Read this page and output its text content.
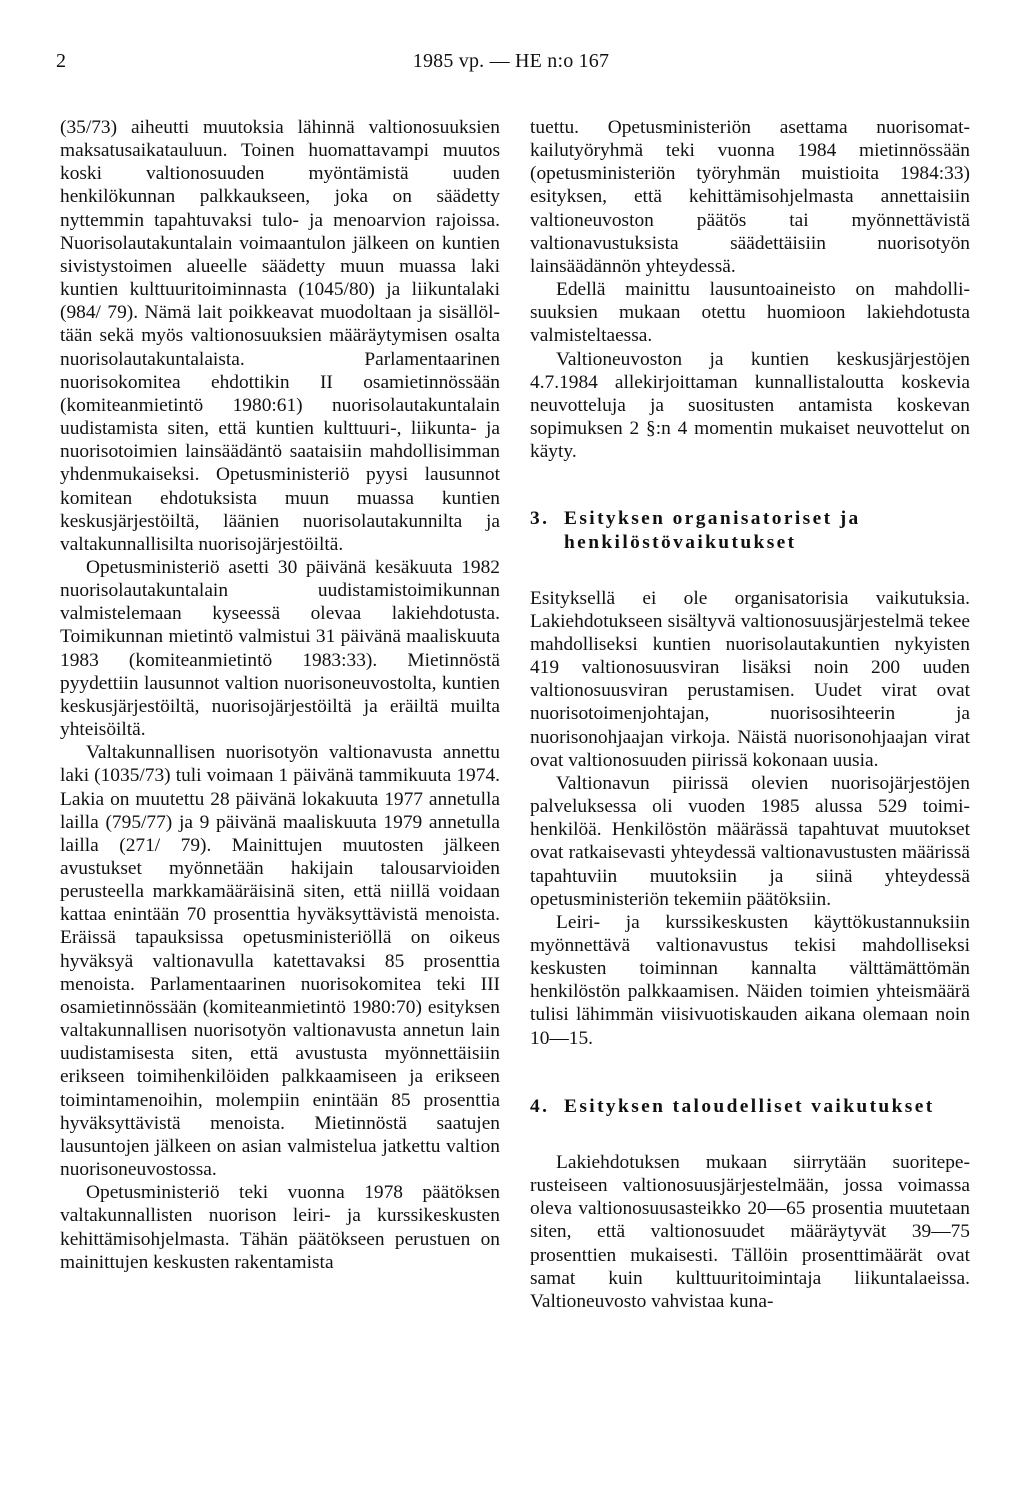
2	1985 vp. — HE n:o 167

(35/73) aiheutti muutoksia lähinnä valtionosuuksien maksatusaikatauluun. Toinen huomattavampi muutos koski valtionosuuden myöntämistä uuden henkilökunnan palkkaukseen, joka on säädetty nyttemmin tapahtuvaksi tulo- ja menoarvion rajoissa. Nuorisolautakuntalain voimaantulon jälkeen on kuntien sivistystoimen alueelle säädetty muun muassa laki kuntien kulttuuritoiminnasta (1045/80) ja liikuntalaki (984/ 79). Nämä lait poikkeavat muodoltaan ja sisällöltään sekä myös valtionosuuksien määräytymisen osalta nuorisolautakuntalaista. Parlamentaarinen nuorisokomitea ehdottikin II osamietinnössään (komiteanmietintö 1980:61) nuorisolautakuntalain uudistamista siten, että kuntien kulttuuri-, liikunta- ja nuorisotoimien lainsäädäntö saataisiin mahdollisimman yhdenmukaiseksi. Opetusministeriö pyysi lausunnot komitean ehdotuksista muun muassa kuntien keskusjärjestöiltä, läänien nuorisolautakunnilta ja valtakunnallisilta nuorisojärjestöiltä.

Opetusministeriö asetti 30 päivänä kesäkuuta 1982 nuorisolautakuntalain uudistamistoimikunnan valmistelemaan kyseessä olevaa lakiehdotusta. Toimikunnan mietintö valmistui 31 päivänä maaliskuuta 1983 (komiteanmietintö 1983:33). Mietinnöstä pyydettiin lausunnot valtion nuorisoneuvostolta, kuntien keskusjärjestöiltä, nuorisojärjestöiltä ja eräiltä muilta yhteisöiltä.

Valtakunnallisen nuorisotyön valtionavusta annettu laki (1035/73) tuli voimaan 1 päivänä tammikuuta 1974. Lakia on muutettu 28 päivänä lokakuuta 1977 annetulla lailla (795/77) ja 9 päivänä maaliskuuta 1979 annetulla lailla (271/ 79). Mainittujen muutosten jälkeen avustukset myönnetään hakijain talousarvioiden perusteella markkamääräisinä siten, että niillä voidaan kattaa enintään 70 prosenttia hyväksyttävistä menoista. Eräissä tapauksissa opetusministeriöllä on oikeus hyväksyä valtionavulla katettavaksi 85 prosenttia menoista. Parlamentaarinen nuorisokomitea teki III osamietinnössään (komiteanmietintö 1980:70) esityksen valtakunnallisen nuorisotyön valtionavusta annetun lain uudistamisesta siten, että avustusta myönnettäisiin erikseen toimihenkilöiden palkkaamiseen ja erikseen toimintamenoihin, molempiin enintään 85 prosenttia hyväksyttävistä menoista. Mietinnöstä saatujen lausuntojen jälkeen on asian valmistelua jatkettu valtion nuorisoneuvostossa.

Opetusministeriö teki vuonna 1978 päätöksen valtakunnallisten nuorison leiri- ja kurssikeskusten kehittämisohjelmasta. Tähän päätökseen perustuen on mainittujen keskusten rakentamista

tuettu. Opetusministeriön asettama nuorisomatkailutyöryhmä teki vuonna 1984 mietinnössään (opetusministeriön työryhmän muistioita 1984:33) esityksen, että kehittämisohjelmasta annettaisiin valtioneuvoston päätös tai myönnettävistä valtionavustuksista säädettäisiin nuorisotyön lainsäädännön yhteydessä.

Edellä mainittu lausuntoaineisto on mahdollisuuksien mukaan otettu huomioon lakiehdotusta valmisteltaessa.

Valtioneuvoston ja kuntien keskusjärjestöjen 4.7.1984 allekirjoittaman kunnallistaloutta koskevia neuvotteluja ja suositusten antamista koskevan sopimuksen 2 §:n 4 momentin mukaiset neuvottelut on käyty.

3. Esityksen organisatoriset ja henkilöstövaikutukset

Esityksellä ei ole organisatorisia vaikutuksia. Lakiehdotukseen sisältyvä valtionosuusjärjestelmä tekee mahdolliseksi kuntien nuorisolautakuntien nykyisten 419 valtionosuusviran lisäksi noin 200 uuden valtionosuusviran perustamisen. Uudet virat ovat nuorisotoimenjohtajan, nuorisosihteerin ja nuorisonohjaajan virkoja. Näistä nuorisonohjaajan virat ovat valtionosuuden piirissä kokonaan uusia.

Valtionavun piirissä olevien nuorisojärjestöjen palveluksessa oli vuoden 1985 alussa 529 toimihenkilöä. Henkilöstön määrässä tapahtuvat muutokset ovat ratkaisevasti yhteydessä valtionavustusten määrissä tapahtuviin muutoksiin ja siinä yhteydessä opetusministeriön tekemiin päätöksiin.

Leiri- ja kurssikeskusten käyttökustannuksiin myönnettävä valtionavustus tekisi mahdolliseksi keskusten toiminnan kannalta välttämättömän henkilöstön palkkaamisen. Näiden toimien yhteismäärä tulisi lähimmän viisivuotiskauden aikana olemaan noin 10—15.

4. Esityksen taloudelliset vaikutukset

Lakiehdotuksen mukaan siirrytään suoriteperusteiseen valtionosuusjärjestelmään, jossa voimassa oleva valtionosuusasteikko 20—65 prosentia muutetaan siten, että valtionosuudet määräytyvät 39—75 prosenttien mukaisesti. Tällöin prosenttimäärät ovat samat kuin kulttuuritoimintaja liikuntalaeissa. Valtioneuvosto vahvistaa kuna-
